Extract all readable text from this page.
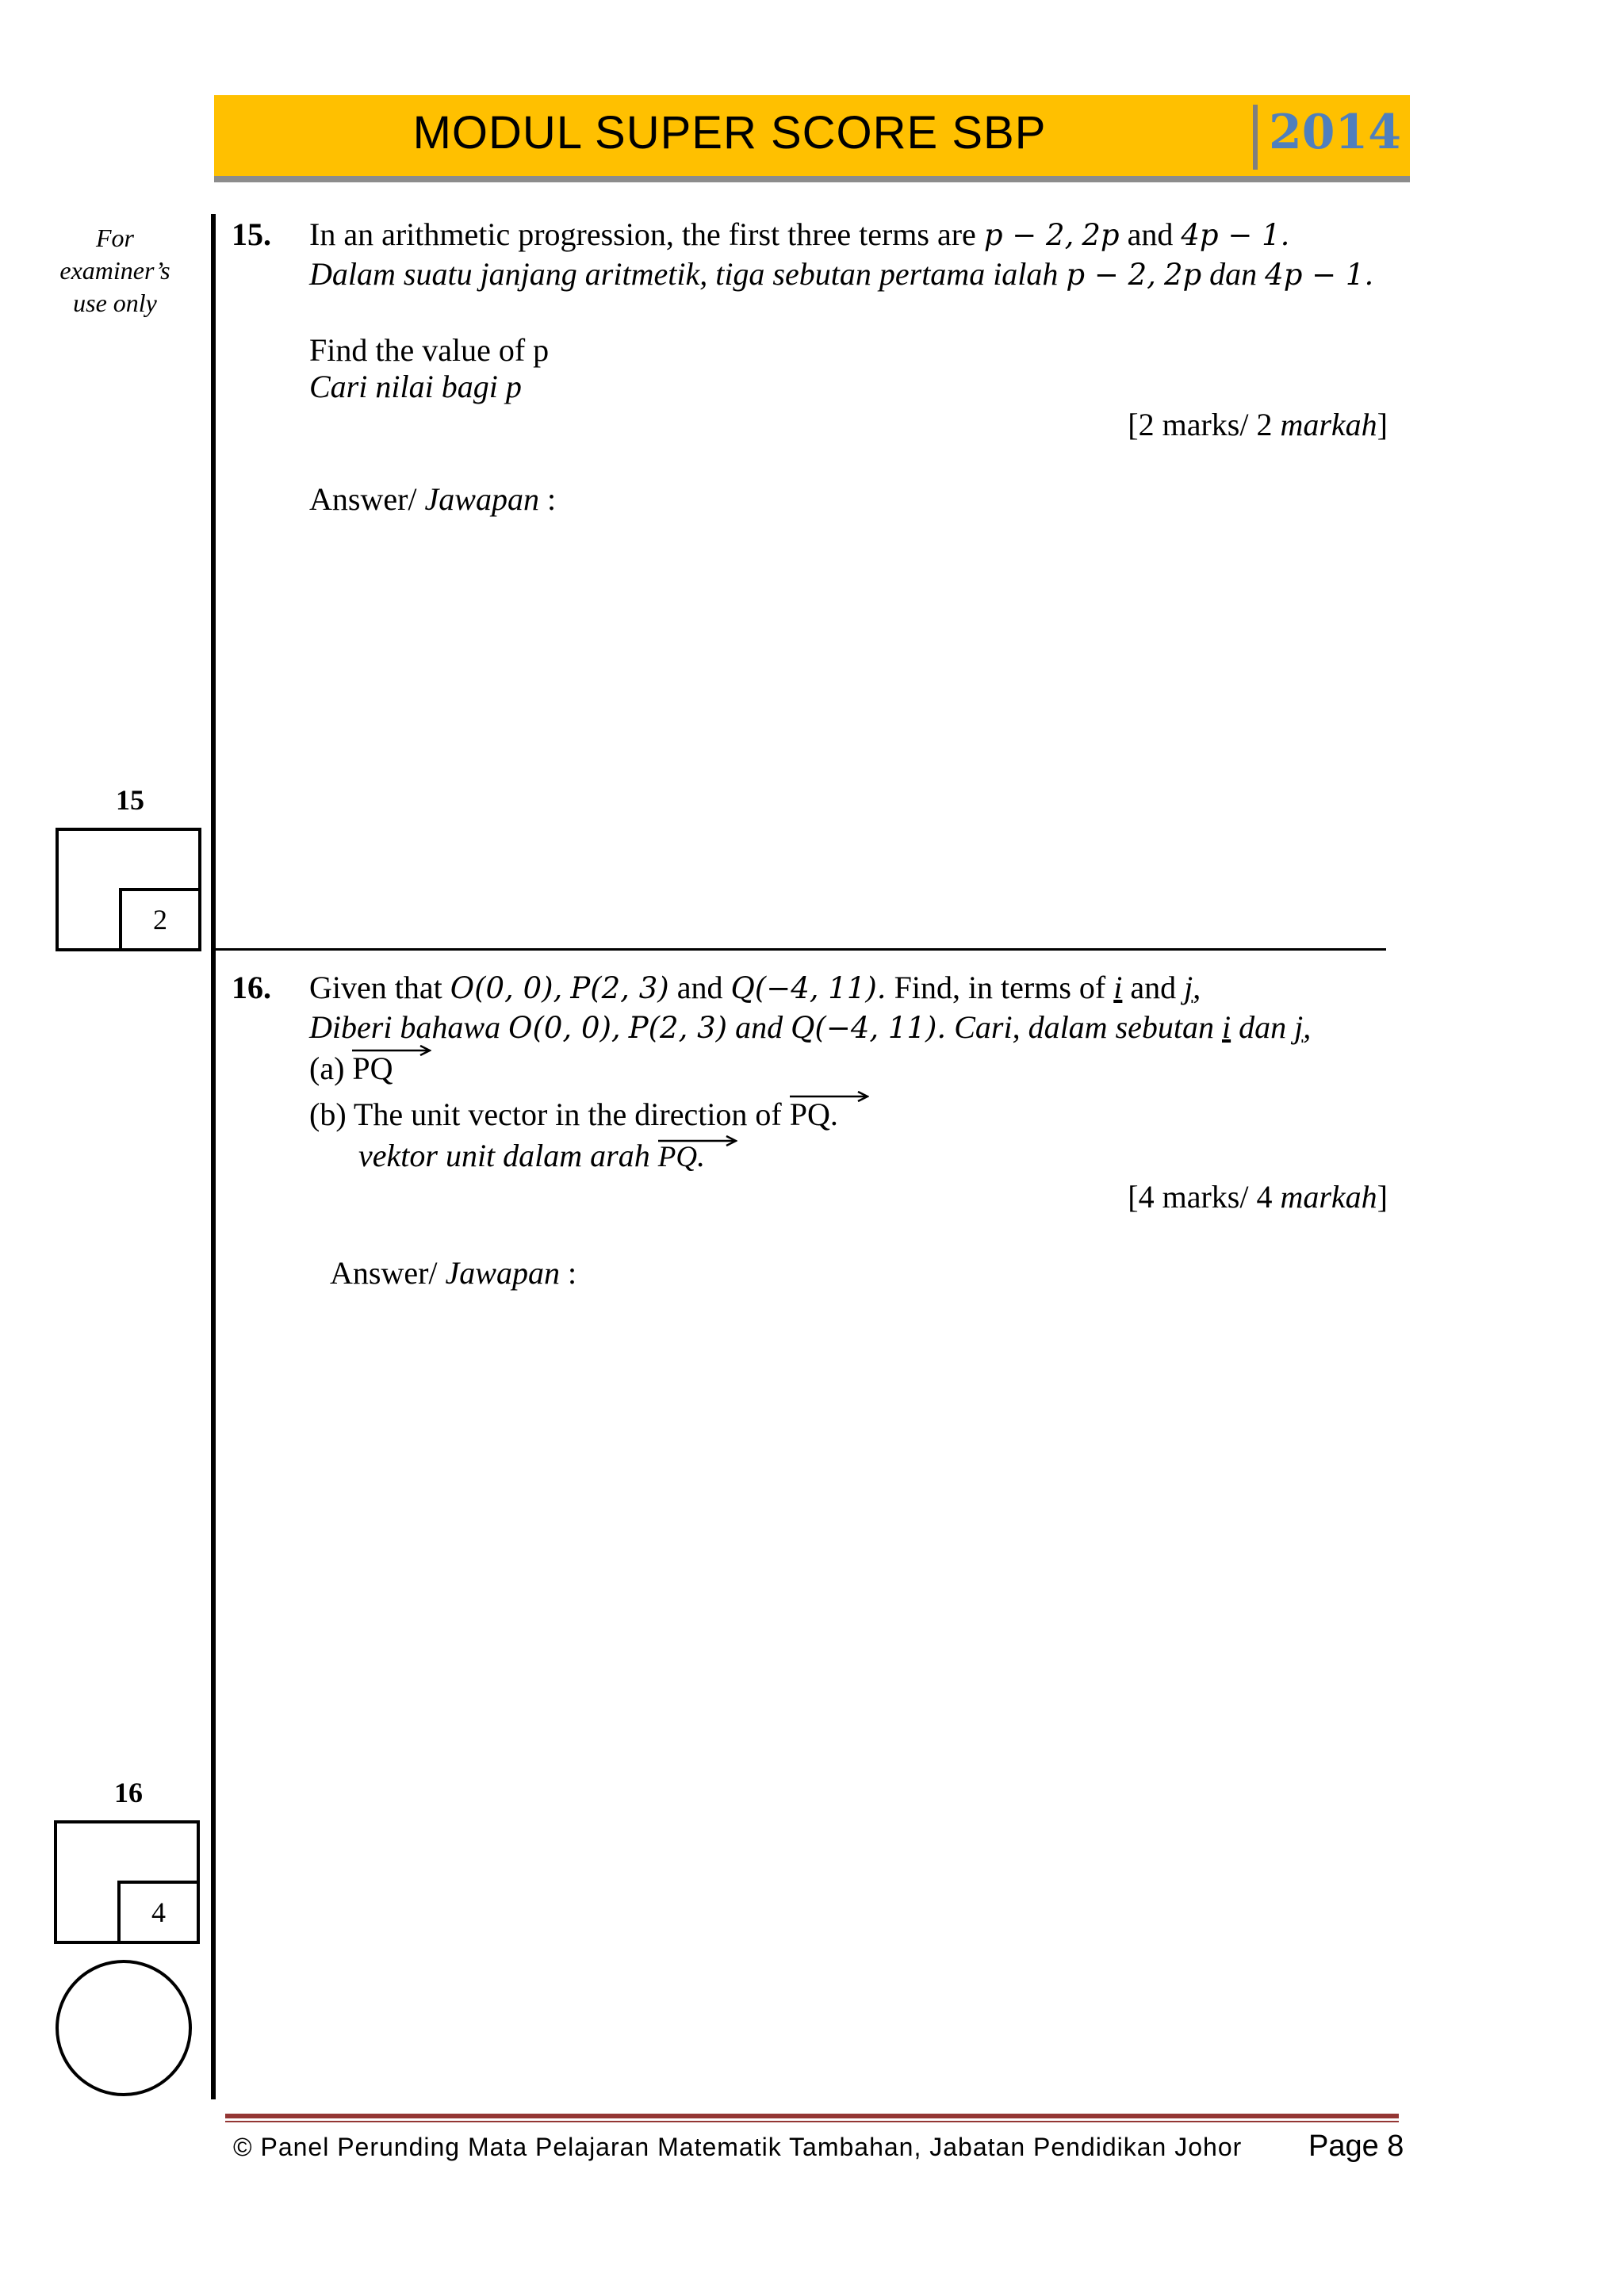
MODUL SUPER SCORE SBP	2014
For
examiner’s
use only
15
2
16
4
15. In an arithmetic progression, the first three terms are p − 2, 2p and 4p − 1.
Dalam suatu janjang aritmetik, tiga sebutan pertama ialah p − 2, 2p dan 4p − 1.
Find the value of p
Cari nilai bagi p
[2 marks/ 2 markah]
Answer/ Jawapan :
16. Given that O(0, 0), P(2, 3) and Q(−4, 11). Find, in terms of i and j,
Diberi bahawa O(0, 0), P(2, 3) and Q(−4, 11). Cari, dalam sebutan i dan j,
(a) PQ
(b) The unit vector in the direction of PQ.
vektor unit dalam arah PQ.
[4 marks/ 4 markah]
Answer/ Jawapan :
© Panel Perunding Mata Pelajaran Matematik Tambahan, Jabatan Pendidikan Johor Page 8
